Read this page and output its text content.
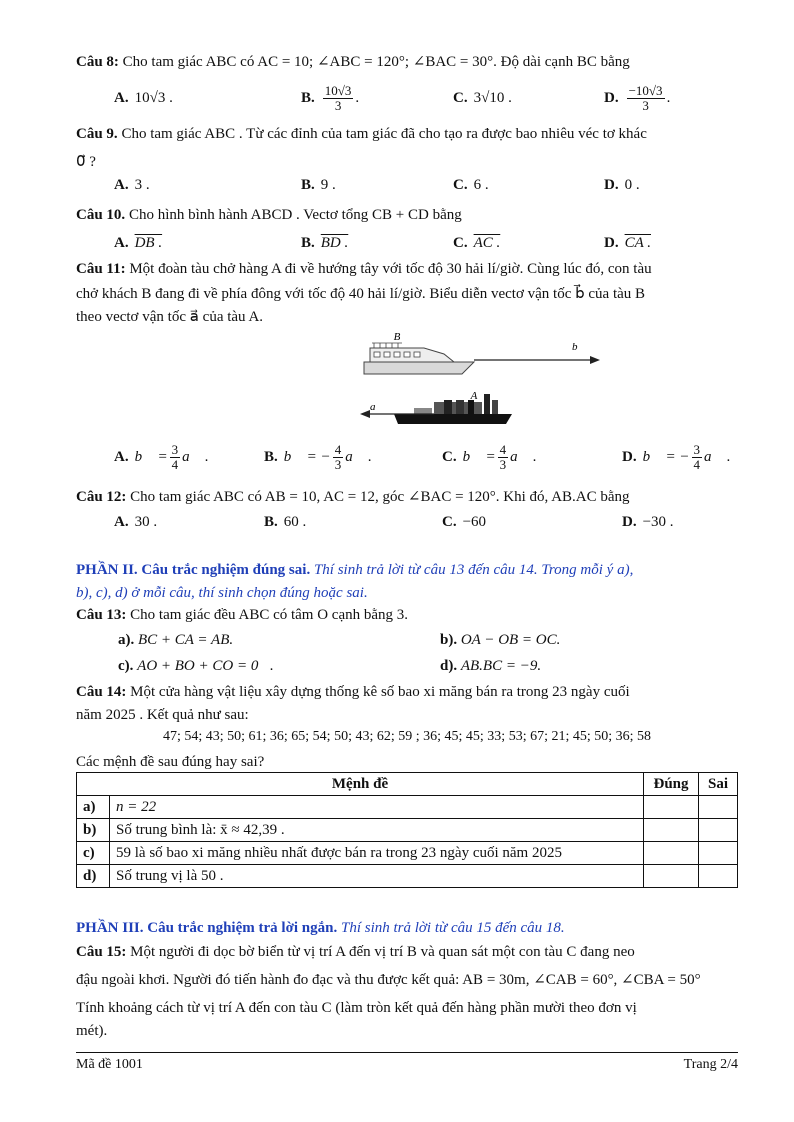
Câu 8: Cho tam giác ABC có AC = 10; ∠ABC = 120°; ∠BAC = 30°. Độ dài cạnh BC bằng
A. 10√3 .	B. $\frac{10√3}{3}$ .	C. 3√10 .	D. $\frac{-10√3}{3}$ .
Câu 9. Cho tam giác ABC . Từ các đỉnh của tam giác đã cho tạo ra được bao nhiêu véc tơ khác
0⃗ ?
A. 3 .	B. 9 .	C. 6 .	D. 0 .
Câu 10. Cho hình bình hành ABCD . Vectơ tổng CB + CD bằng
A. DB .	B. BD .	C. AC .	D. CA .
Câu 11: Một đoàn tàu chở hàng A đi về hướng tây với tốc độ 30 hải lí/giờ. Cùng lúc đó, con tàu
chở khách B đang đi về phía đông với tốc độ 40 hải lí/giờ. Biểu diễn vectơ vận tốc b⃗ của tàu B
theo vectơ vận tốc a⃗ của tàu A.
B
b⃗
A
a⃗
A. b⃗ = $\frac{3}{4}$ a⃗ .	B. b⃗ = − $\frac{4}{3}$ a⃗ .	C. b⃗ = $\frac{4}{3}$ a⃗ .	D. b⃗ = − $\frac{3}{4}$ a⃗ .
Câu 12: Cho tam giác ABC có AB = 10, AC = 12, góc ∠BAC = 120°. Khi đó, AB.AC bằng
A. 30 .	B. 60 .	C. −60	D. −30 .
PHẦN II. Câu trắc nghiệm đúng sai. Thí sinh trả lời từ câu 13 đến câu 14. Trong mỗi ý a),
b), c), d) ở mỗi câu, thí sinh chọn đúng hoặc sai.
Câu 13: Cho tam giác đều ABC có tâm O cạnh bằng 3.
a). BC + CA = AB.	b). OA − OB = OC.
c). AO + BO + CO = 0⃗.	d). AB.BC = −9.
Câu 14: Một cửa hàng vật liệu xây dựng thống kê số bao xi măng bán ra trong 23 ngày cuối
năm 2025 . Kết quả như sau:
47; 54; 43; 50; 61; 36; 65; 54; 50; 43; 62; 59 ; 36; 45; 45; 33; 53; 67; 21; 45; 50; 36; 58
Các mệnh đề sau đúng hay sai?
Mệnh đề		Đúng	Sai
a)	n = 22		
b)	Số trung bình là: x̄ ≈ 42,39 .		
c)	59 là số bao xi măng nhiều nhất được bán ra trong 23 ngày cuối năm 2025		
d)	Số trung vị là 50 .		
PHẦN III. Câu trắc nghiệm trả lời ngắn. Thí sinh trả lời từ câu 15 đến câu 18.
Câu 15: Một người đi dọc bờ biển từ vị trí A đến vị trí B và quan sát một con tàu C đang neo
đậu ngoài khơi. Người đó tiến hành đo đạc và thu được kết quả: AB = 30m, ∠CAB = 60°, ∠CBA = 50°
Tính khoảng cách từ vị trí A đến con tàu C (làm tròn kết quả đến hàng phần mười theo đơn vị
mét).
Mã đề 1001	Trang 2/4
